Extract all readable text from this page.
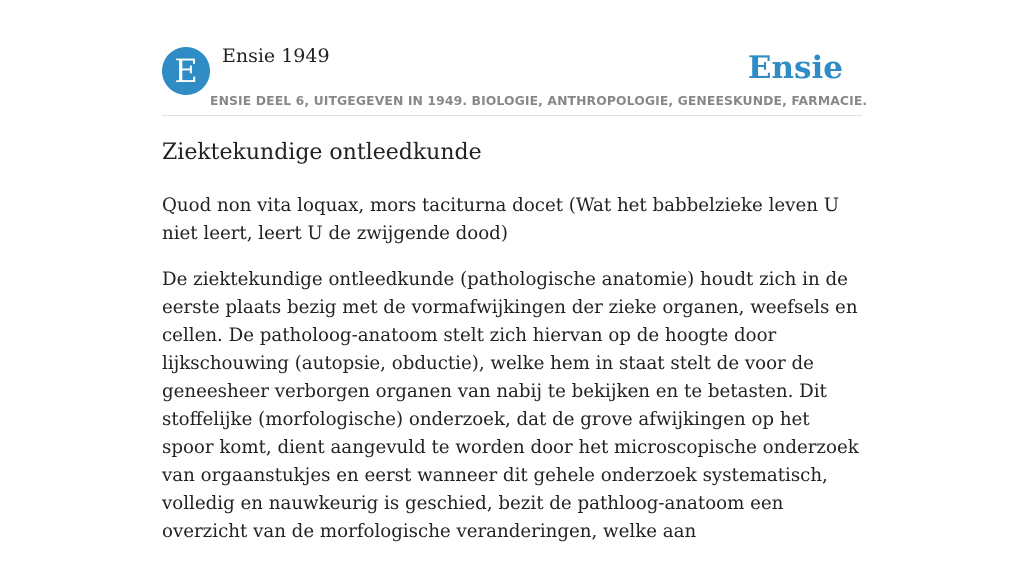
E	Ensie 1949	Ensie
ENSIE DEEL 6, UITGEGEVEN IN 1949. BIOLOGIE, ANTHROPOLOGIE, GENEESKUNDE, FARMACIE.
Ziektekundige ontleedkunde

Quod non vita loquax, mors taciturna docet (Wat het babbelzieke leven U niet leert, leert U de zwijgende dood)

De ziektekundige ontleedkunde (pathologische anatomie) houdt zich in de eerste plaats bezig met de vormafwijkingen der zieke organen, weefsels en cellen. De patholoog-anatoom stelt zich hiervan op de hoogte door lijkschouwing (autopsie, obductie), welke hem in staat stelt de voor de geneesheer verborgen organen van nabij te bekijken en te betasten. Dit stoffelijke (morfologische) onderzoek, dat de grove afwijkingen op het spoor komt, dient aangevuld te worden door het microscopische onderzoek van orgaanstukjes en eerst wanneer dit gehele onderzoek systematisch, volledig en nauwkeurig is geschied, bezit de pathloog-anatoom een overzicht van de morfologische veranderingen, welke aan
